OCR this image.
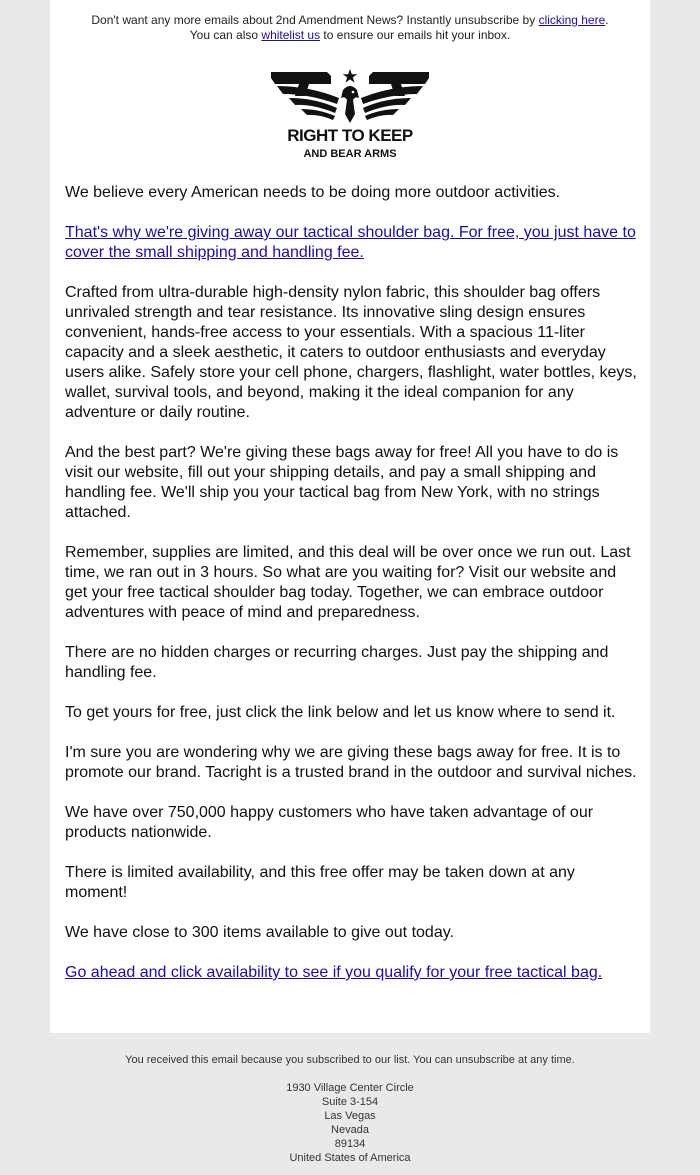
Don't want any more emails about 2nd Amendment News? Instantly unsubscribe by clicking here.
You can also whitelist us to ensure our emails hit your inbox.
RIGHT TO KEEP
AND BEAR ARMS

We believe every American needs to be doing more outdoor activities.

That's why we're giving away our tactical shoulder bag. For free, you just have to cover the small shipping and handling fee.

Crafted from ultra-durable high-density nylon fabric, this shoulder bag offers unrivaled strength and tear resistance. Its innovative sling design ensures convenient, hands-free access to your essentials. With a spacious 11-liter capacity and a sleek aesthetic, it caters to outdoor enthusiasts and everyday users alike. Safely store your cell phone, chargers, flashlight, water bottles, keys, wallet, survival tools, and beyond, making it the ideal companion for any adventure or daily routine.

And the best part? We're giving these bags away for free! All you have to do is visit our website, fill out your shipping details, and pay a small shipping and handling fee. We'll ship you your tactical bag from New York, with no strings attached.

Remember, supplies are limited, and this deal will be over once we run out. Last time, we ran out in 3 hours. So what are you waiting for? Visit our website and get your free tactical shoulder bag today. Together, we can embrace outdoor adventures with peace of mind and preparedness.

There are no hidden charges or recurring charges. Just pay the shipping and handling fee.

To get yours for free, just click the link below and let us know where to send it.

I'm sure you are wondering why we are giving these bags away for free. It is to promote our brand. Tacright is a trusted brand in the outdoor and survival niches.

We have over 750,000 happy customers who have taken advantage of our products nationwide.

There is limited availability, and this free offer may be taken down at any moment!

We have close to 300 items available to give out today.

Go ahead and click availability to see if you qualify for your free tactical bag.

You received this email because you subscribed to our list. You can unsubscribe at any time.
1930 Village Center Circle
Suite 3-154
Las Vegas
Nevada
89134
United States of America
